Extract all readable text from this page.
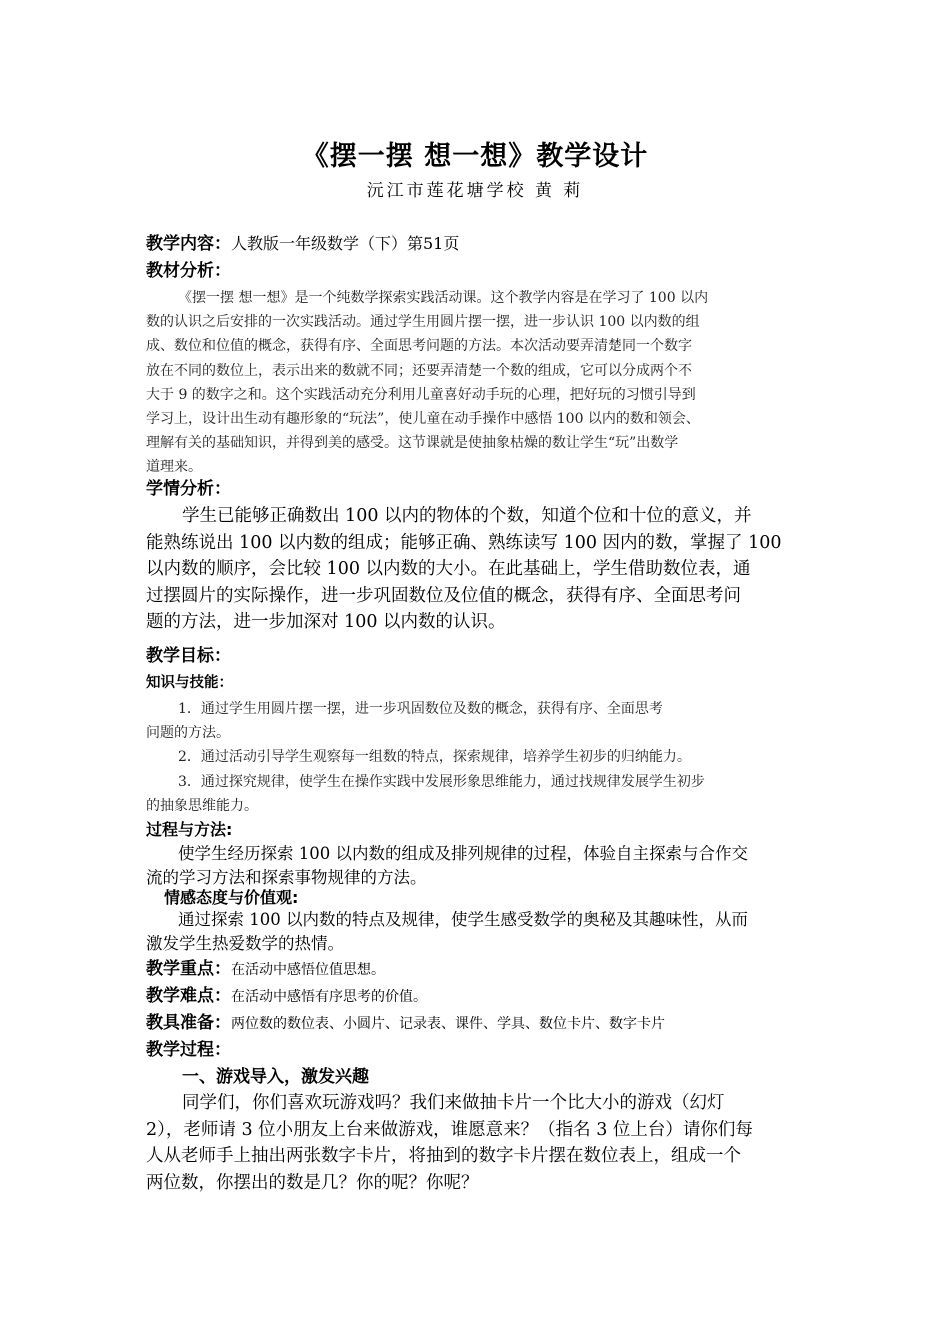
《摆一摆 想一想》教学设计
沅江市莲花塘学校 黄 莉
教学内容：人教版一年级数学（下）第51页
教材分析：
《摆一摆 想一想》是一个纯数学探索实践活动课。这个教学内容是在学习了 100 以内
数的认识之后安排的一次实践活动。通过学生用圆片摆一摆，进一步认识 100 以内数的组
成、数位和位值的概念，获得有序、全面思考问题的方法。本次活动要弄清楚同一个数字
放在不同的数位上，表示出来的数就不同；还要弄清楚一个数的组成，它可以分成两个不
大于 9 的数字之和。这个实践活动充分利用儿童喜好动手玩的心理，把好玩的习惯引导到
学习上，设计出生动有趣形象的“玩法”，使儿童在动手操作中感悟 100 以内的数和领会、
理解有关的基础知识，并得到美的感受。这节课就是使抽象枯燥的数让学生“玩”出数学
道理来。
学情分析：
学生已能够正确数出 100 以内的物体的个数，知道个位和十位的意义，并
能熟练说出 100 以内数的组成；能够正确、熟练读写 100 因内的数，掌握了 100
以内数的顺序，会比较 100 以内数的大小。在此基础上，学生借助数位表，通
过摆圆片的实际操作，进一步巩固数位及位值的概念，获得有序、全面思考问
题的方法，进一步加深对 100 以内数的认识。
教学目标：
知识与技能：
1．通过学生用圆片摆一摆，进一步巩固数位及数的概念，获得有序、全面思考
问题的方法。
2．通过活动引导学生观察每一组数的特点，探索规律，培养学生初步的归纳能力。
3．通过探究规律，使学生在操作实践中发展形象思维能力，通过找规律发展学生初步
的抽象思维能力。
过程与方法:
使学生经历探索 100 以内数的组成及排列规律的过程，体验自主探索与合作交
流的学习方法和探索事物规律的方法。
情感态度与价值观:
通过探索 100 以内数的特点及规律，使学生感受数学的奥秘及其趣味性，从而
激发学生热爱数学的热情。
教学重点：在活动中感悟位值思想。
教学难点：在活动中感悟有序思考的价值。
教具准备：两位数的数位表、小圆片、记录表、课件、学具、数位卡片、数字卡片
教学过程：
一、游戏导入，激发兴趣
同学们，你们喜欢玩游戏吗？我们来做抽卡片一个比大小的游戏（幻灯
2），老师请 3 位小朋友上台来做游戏，谁愿意来？（指名 3 位上台）请你们每
人从老师手上抽出两张数字卡片，将抽到的数字卡片摆在数位表上，组成一个
两位数，你摆出的数是几？你的呢？你呢？
